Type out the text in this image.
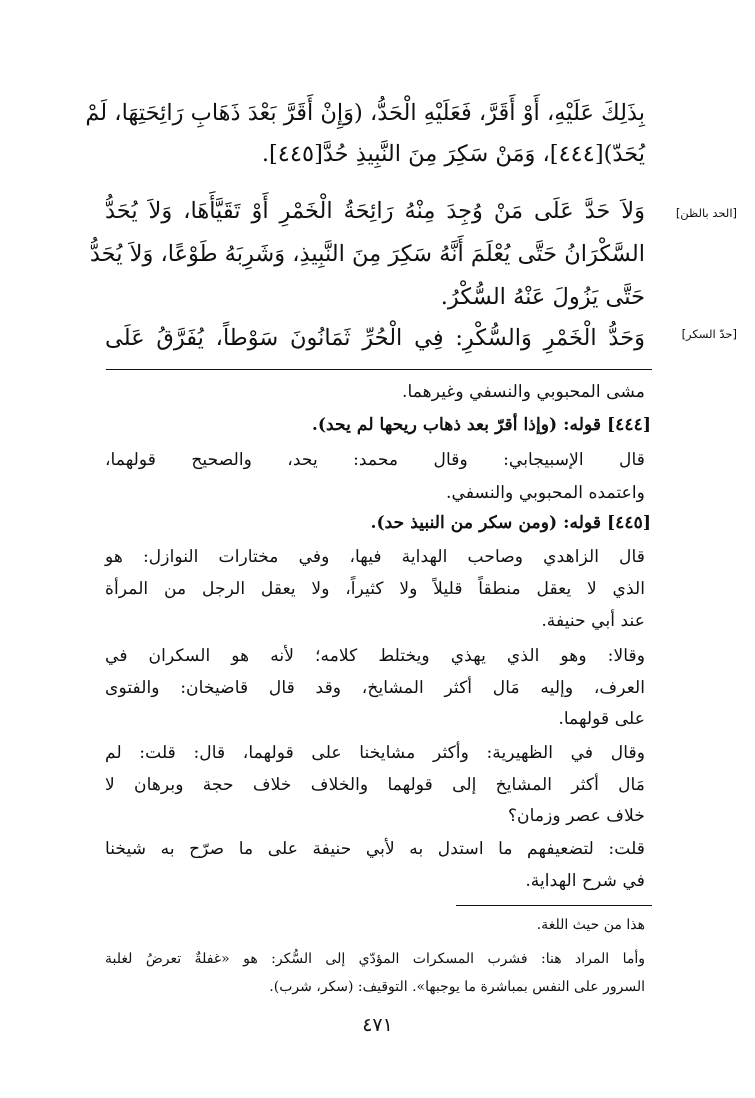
بِذَلِكَ عَلَيْهِ، أَوْ أَقَرَّ، فَعَلَيْهِ الْحَدُّ، (وَإِنْ أَقَرَّ بَعْدَ ذَهَابِ رَائِحَتِهَا، لَمْ
يُحَدّ)[٤٤٤]، وَمَنْ سَكِرَ مِنَ النَّبِيذِ حُدَّ[٤٤٥].
وَلاَ حَدَّ عَلَى مَنْ وُجِدَ مِنْهُ رَائِحَةُ الْخَمْرِ أَوْ تَقَيَّأَهَا، وَلاَ يُحَدُّ
السَّكْرَانُ حَتَّى يُعْلَمَ أَنَّهُ سَكِرَ مِنَ النَّبِيذِ، وَشَرِبَهُ طَوْعًا، وَلاَ يُحَدُّ
حَتَّى يَزُولَ عَنْهُ السُّكْرُ.
وَحَدُّ الْخَمْرِ وَالسُّكْرِ: فِي الْحُرِّ ثَمَانُونَ سَوْطاً، يُفَرَّقُ عَلَى
[الحد بالظن]
[حدّ السكر]
مشى المحبوبي والنسفي وغيرهما.
[٤٤٤] قوله: (وإذا أقرّ بعد ذهاب ريحها لم يحد).
قال الإسبيجابي: وقال محمد: يحد، والصحيح قولهما،
واعتمده المحبوبي والنسفي.
[٤٤٥] قوله: (ومن سكر من النبيذ حد).
قال الزاهدي وصاحب الهداية فيها، وفي مختارات النوازل: هو
الذي لا يعقل منطقاً قليلاً ولا كثيراً، ولا يعقل الرجل من المرأة
عند أبي حنيفة.
وقالا: وهو الذي يهذي ويختلط كلامه؛ لأنه هو السكران في
العرف، وإليه مَال أكثر المشايخ، وقد قال قاضيخان: والفتوى
على قولهما.
وقال في الظهيرية: وأكثر مشايخنا على قولهما، قال: قلت: لم
مَال أكثر المشايخ إلى قولهما والخلاف خلاف حجة وبرهان لا
خلاف عصر وزمان؟
قلت: لتضعيفهم ما استدل به لأبي حنيفة على ما صرّح به شيخنا
في شرح الهداية.
هذا من حيث اللغة.
وأما المراد هنا: فشرب المسكرات المؤدّي إلى السُّكر: هو «غفلةٌ تعرضُ لغلبة
السرور على النفس بمباشرة ما يوجبها». التوقيف: (سكر، شرب).
٤٧١
